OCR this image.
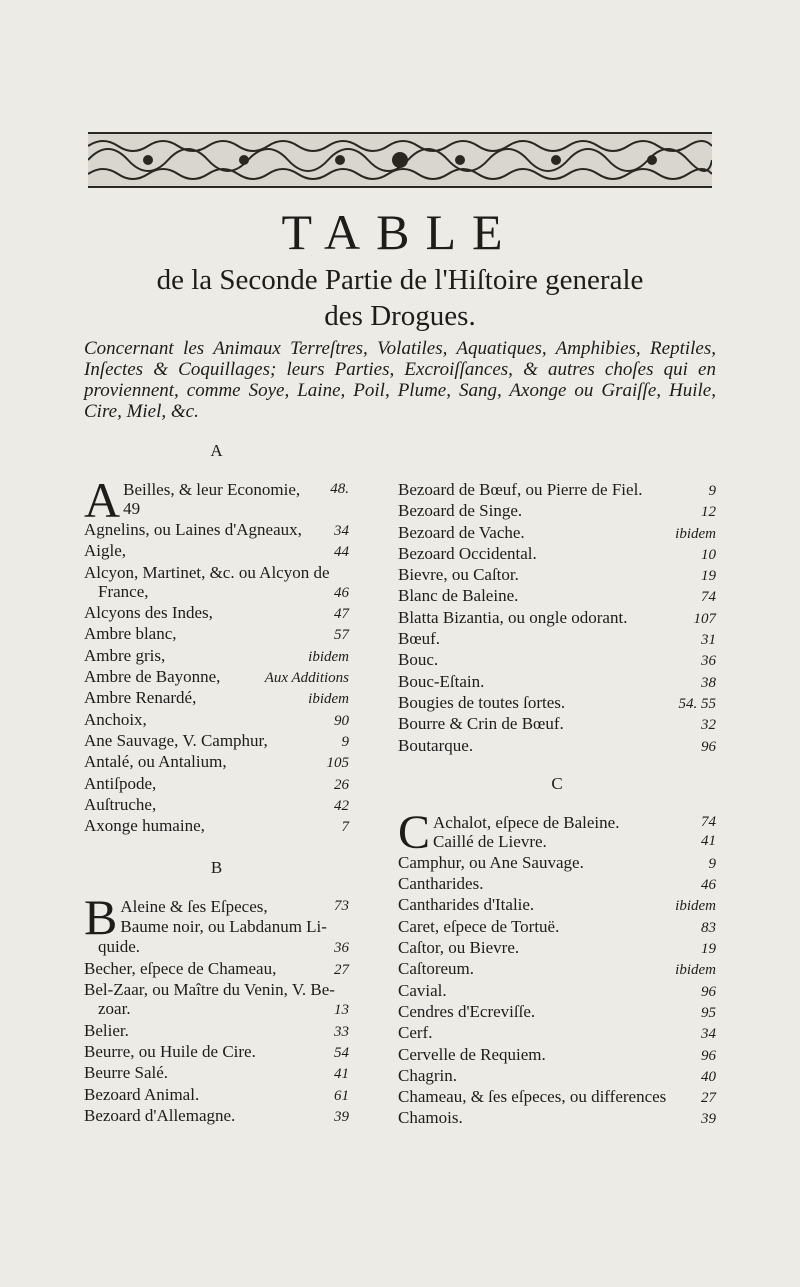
TABLE
de la Seconde Partie de l'Hiſtoire generale
des Drogues.
Concernant les Animaux Terreſtres, Volatiles, Aquatiques, Amphibies, Reptiles, Inſectes & Coquillages; leurs Parties, Excroiſſances, & autres choſes qui en proviennent, comme Soye, Laine, Poil, Plume, Sang, Axonge ou Graiſſe, Huile, Cire, Miel, &c.
A
A Beilles, & leur Economie, 48.
49
Agnelins, ou Laines d'Agneaux,	34
Aigle,	44
Alcyon, Martinet, &c. ou Alcyon de
France,	46
Alcyons des Indes,	47
Ambre blanc,	57
Ambre gris,	ibidem
Ambre de Bayonne,	Aux Additions
Ambre Renardé,	ibidem
Anchoix,	90
Ane Sauvage, V. Camphur,	9
Antalé, ou Antalium,	105
Antiſpode,	26
Auſtruche,	42
Axonge humaine,	7
B
B Aleine & ſes Eſpeces,	73
Baume noir, ou Labdanum Li-
quide.	36
Becher, eſpece de Chameau,	27
Bel-Zaar, ou Maître du Venin, V. Be-
zoar.	13
Belier.	33
Beurre, ou Huile de Cire.	54
Beurre Salé.	41
Bezoard Animal.	61
Bezoard d'Allemagne.	39
Bezoard de Bœuf, ou Pierre de Fiel.	9
Bezoard de Singe.	12
Bezoard de Vache.	ibidem
Bezoard Occidental.	10
Bievre, ou Caſtor.	19
Blanc de Baleine.	74
Blatta Bizantia, ou ongle odorant.	107
Bœuf.	31
Bouc.	36
Bouc-Eſtain.	38
Bougies de toutes ſortes.	54. 55
Bourre & Crin de Bœuf.	32
Boutarque.	96
C
C Achalot, eſpece de Baleine.	74
Caillé de Lievre.	41
Camphur, ou Ane Sauvage.	9
Cantharides.	46
Cantharides d'Italie.	ibidem
Caret, eſpece de Tortuë.	83
Caſtor, ou Bievre.	19
Caſtoreum.	ibidem
Cavial.	96
Cendres d'Ecreviſſe.	95
Cerf.	34
Cervelle de Requiem.	96
Chagrin.	40
Chameau, & ſes eſpeces, ou differences	27
Chamois.	39
